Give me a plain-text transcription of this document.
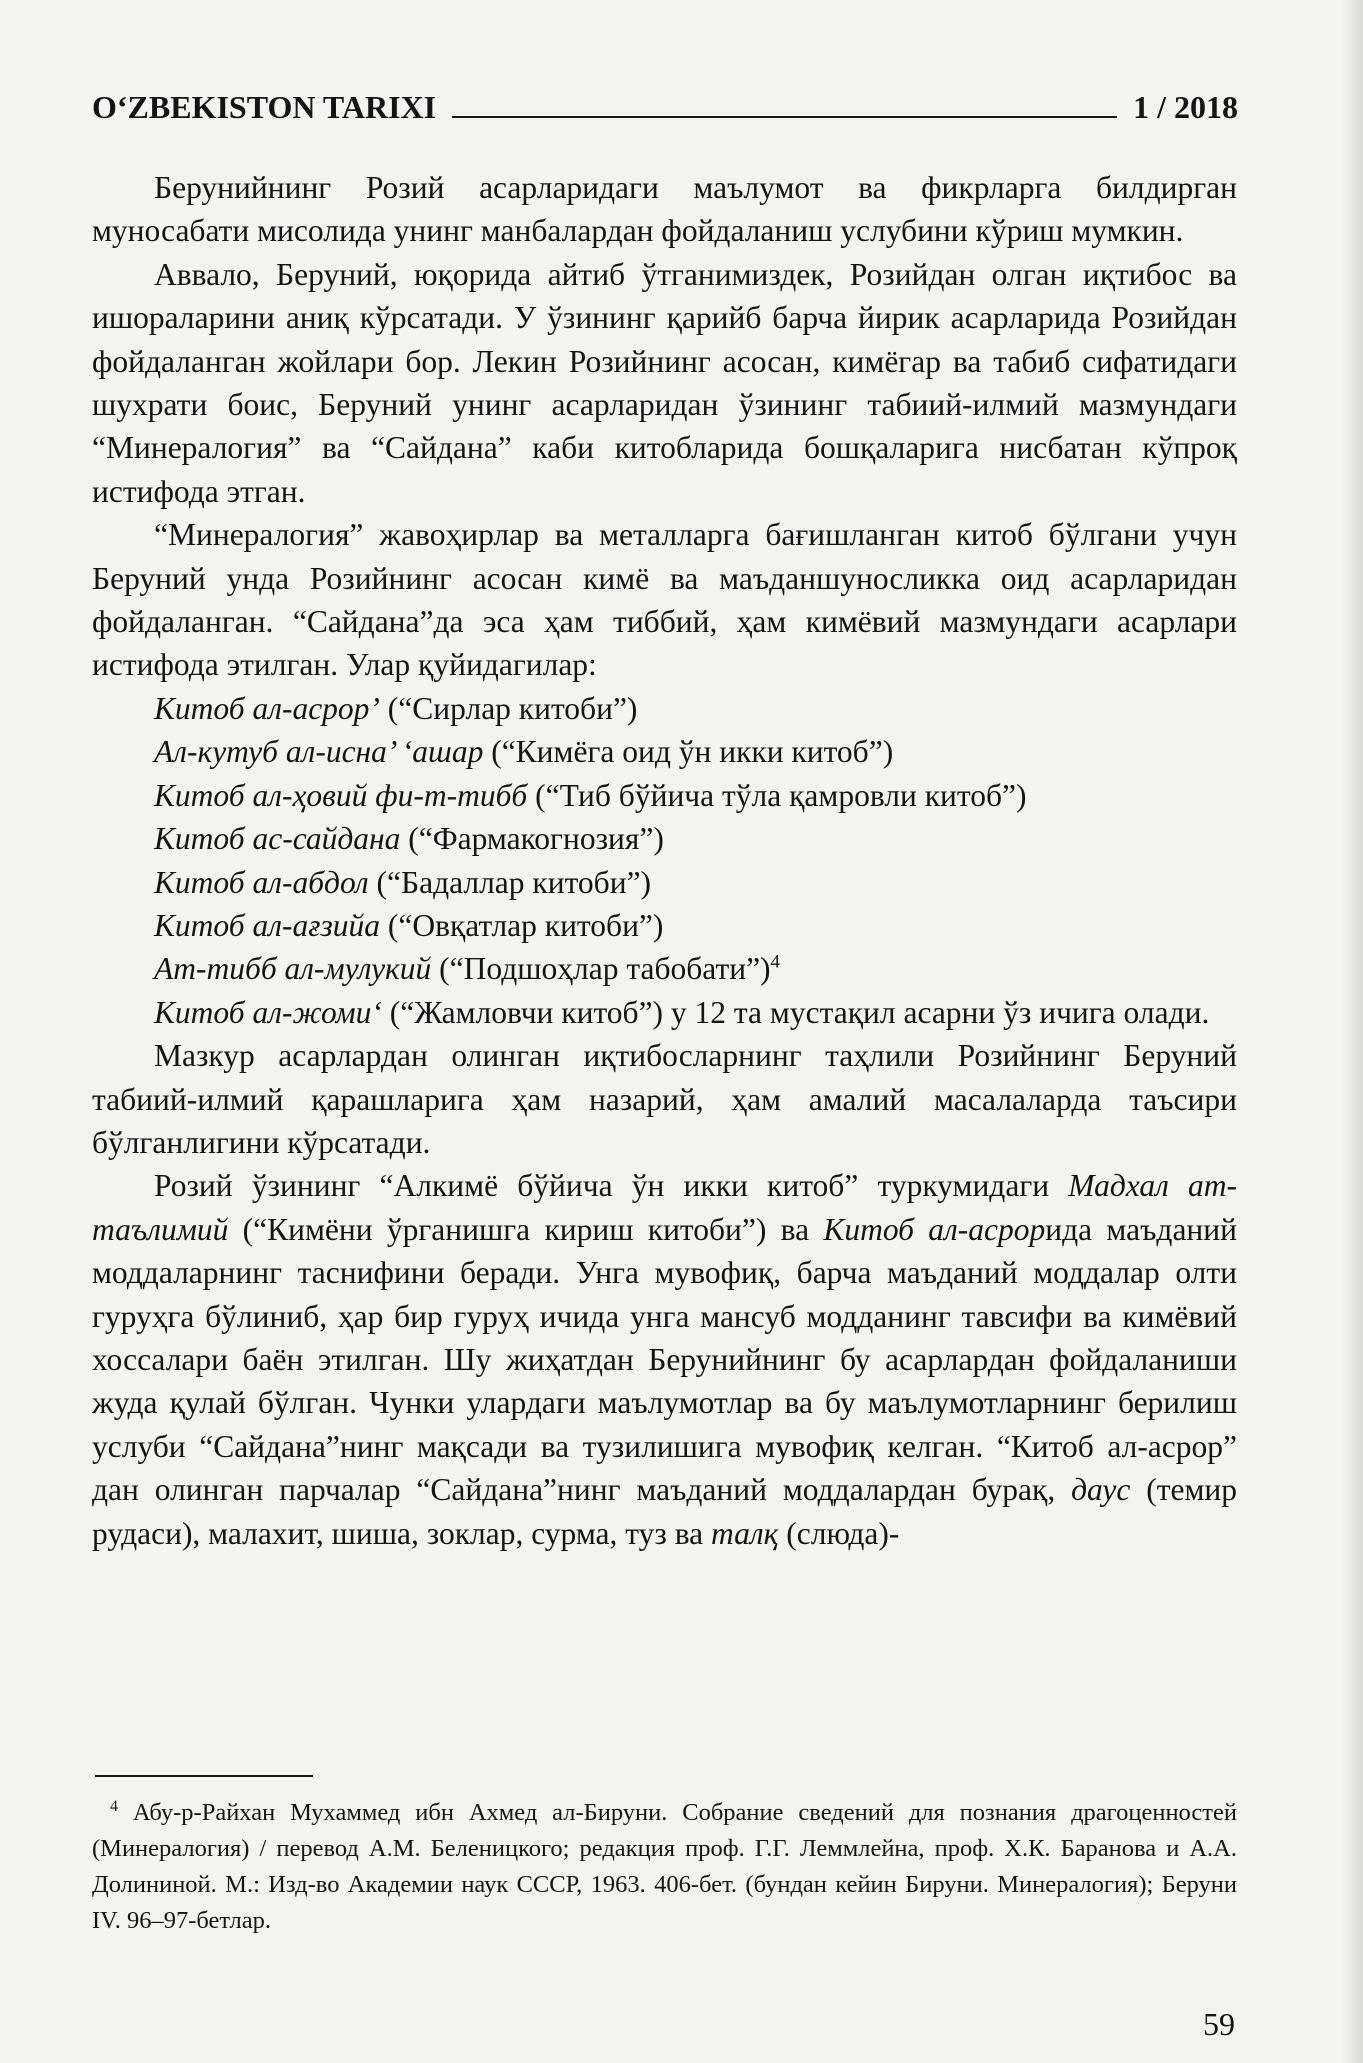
O‘ZBEKISTON TARIXI	1 / 2018

Берунийнинг Розий асарларидаги маълумот ва фикрларга билдирган муносабати мисолида унинг манбалардан фойдаланиш услубини кўриш мумкин.

Аввало, Беруний, юқорида айтиб ўтганимиздек, Розийдан олган иқтибос ва ишораларини аниқ кўрсатади. У ўзининг қарийб барча йирик асарларида Розийдан фойдаланган жойлари бор. Лекин Розийнинг асосан, кимёгар ва табиб сифатидаги шухрати боис, Беруний унинг асарларидан ўзининг табиий-илмий мазмундаги “Минералогия” ва “Сайдана” каби китобларида бошқаларига нисбатан кўпроқ истифода этган.

“Минералогия” жавоҳирлар ва металларга бағишланган китоб бўлгани учун Беруний унда Розийнинг асосан кимё ва маъданшуносликка оид асарларидан фойдаланган. “Сайдана”да эса ҳам тиббий, ҳам кимёвий мазмундаги асарлари истифода этилган. Улар қуйидагилар:

Китоб ал-асрор’ (“Сирлар китоби”)

Ал-кутуб ал-исна’ ‘ашар (“Кимёга оид ўн икки китоб”)

Китоб ал-ҳовий фи-т-тибб (“Тиб бўйича тўла қамровли китоб”)

Китоб ас-сайдана (“Фармакогнозия”)

Китоб ал-абдол (“Бадаллар китоби”)

Китоб ал-ағзийа (“Овқатлар китоби”)

Ат-тибб ал-мулукий (“Подшоҳлар табобати”)$^4$

Китоб ал-жомиʻ (“Жамловчи китоб”) у 12 та мустақил асарни ўз ичига олади.

Мазкур асарлардан олинган иқтибосларнинг таҳлили Розийнинг Беруний табиий-илмий қарашларига ҳам назарий, ҳам амалий масалаларда таъсири бўлганлигини кўрсатади.

Розий ўзининг “Алкимё бўйича ўн икки китоб” туркумидаги Мадхал ат-таълимий (“Кимёни ўрганишга кириш китоби”) ва Китоб ал-асрорида маъданий моддаларнинг таснифини беради. Унга мувофиқ, барча маъданий моддалар олти гуруҳга бўлиниб, ҳар бир гуруҳ ичида унга мансуб модданинг тавсифи ва кимёвий хоссалари баён этилган. Шу жиҳатдан Берунийнинг бу асарлардан фойдаланиши жуда қулай бўлган. Чунки улардаги маълумотлар ва бу маълумотларнинг берилиш услуби “Сайдана”нинг мақсади ва тузилишига мувофиқ келган. “Китоб ал-асрор” дан олинган парчалар “Сайдана”нинг маъданий моддалардан бурақ, даус (темир рудаси), малахит, шиша, зоклар, сурма, туз ва талқ (слюда)-

$^4$ Абу-р-Райхан Мухаммед ибн Ахмед ал-Бируни. Собрание сведений для познания драгоценностей (Минералогия) / перевод А.М. Беленицкого; редакция проф. Г.Г. Леммлейна, проф. Х.К. Баранова и А.А. Долининой. М.: Изд-во Академии наук СССР, 1963. 406-бет. (бундан кейин Бируни. Минералогия); Беруни IV. 96–97-бетлар.

59
